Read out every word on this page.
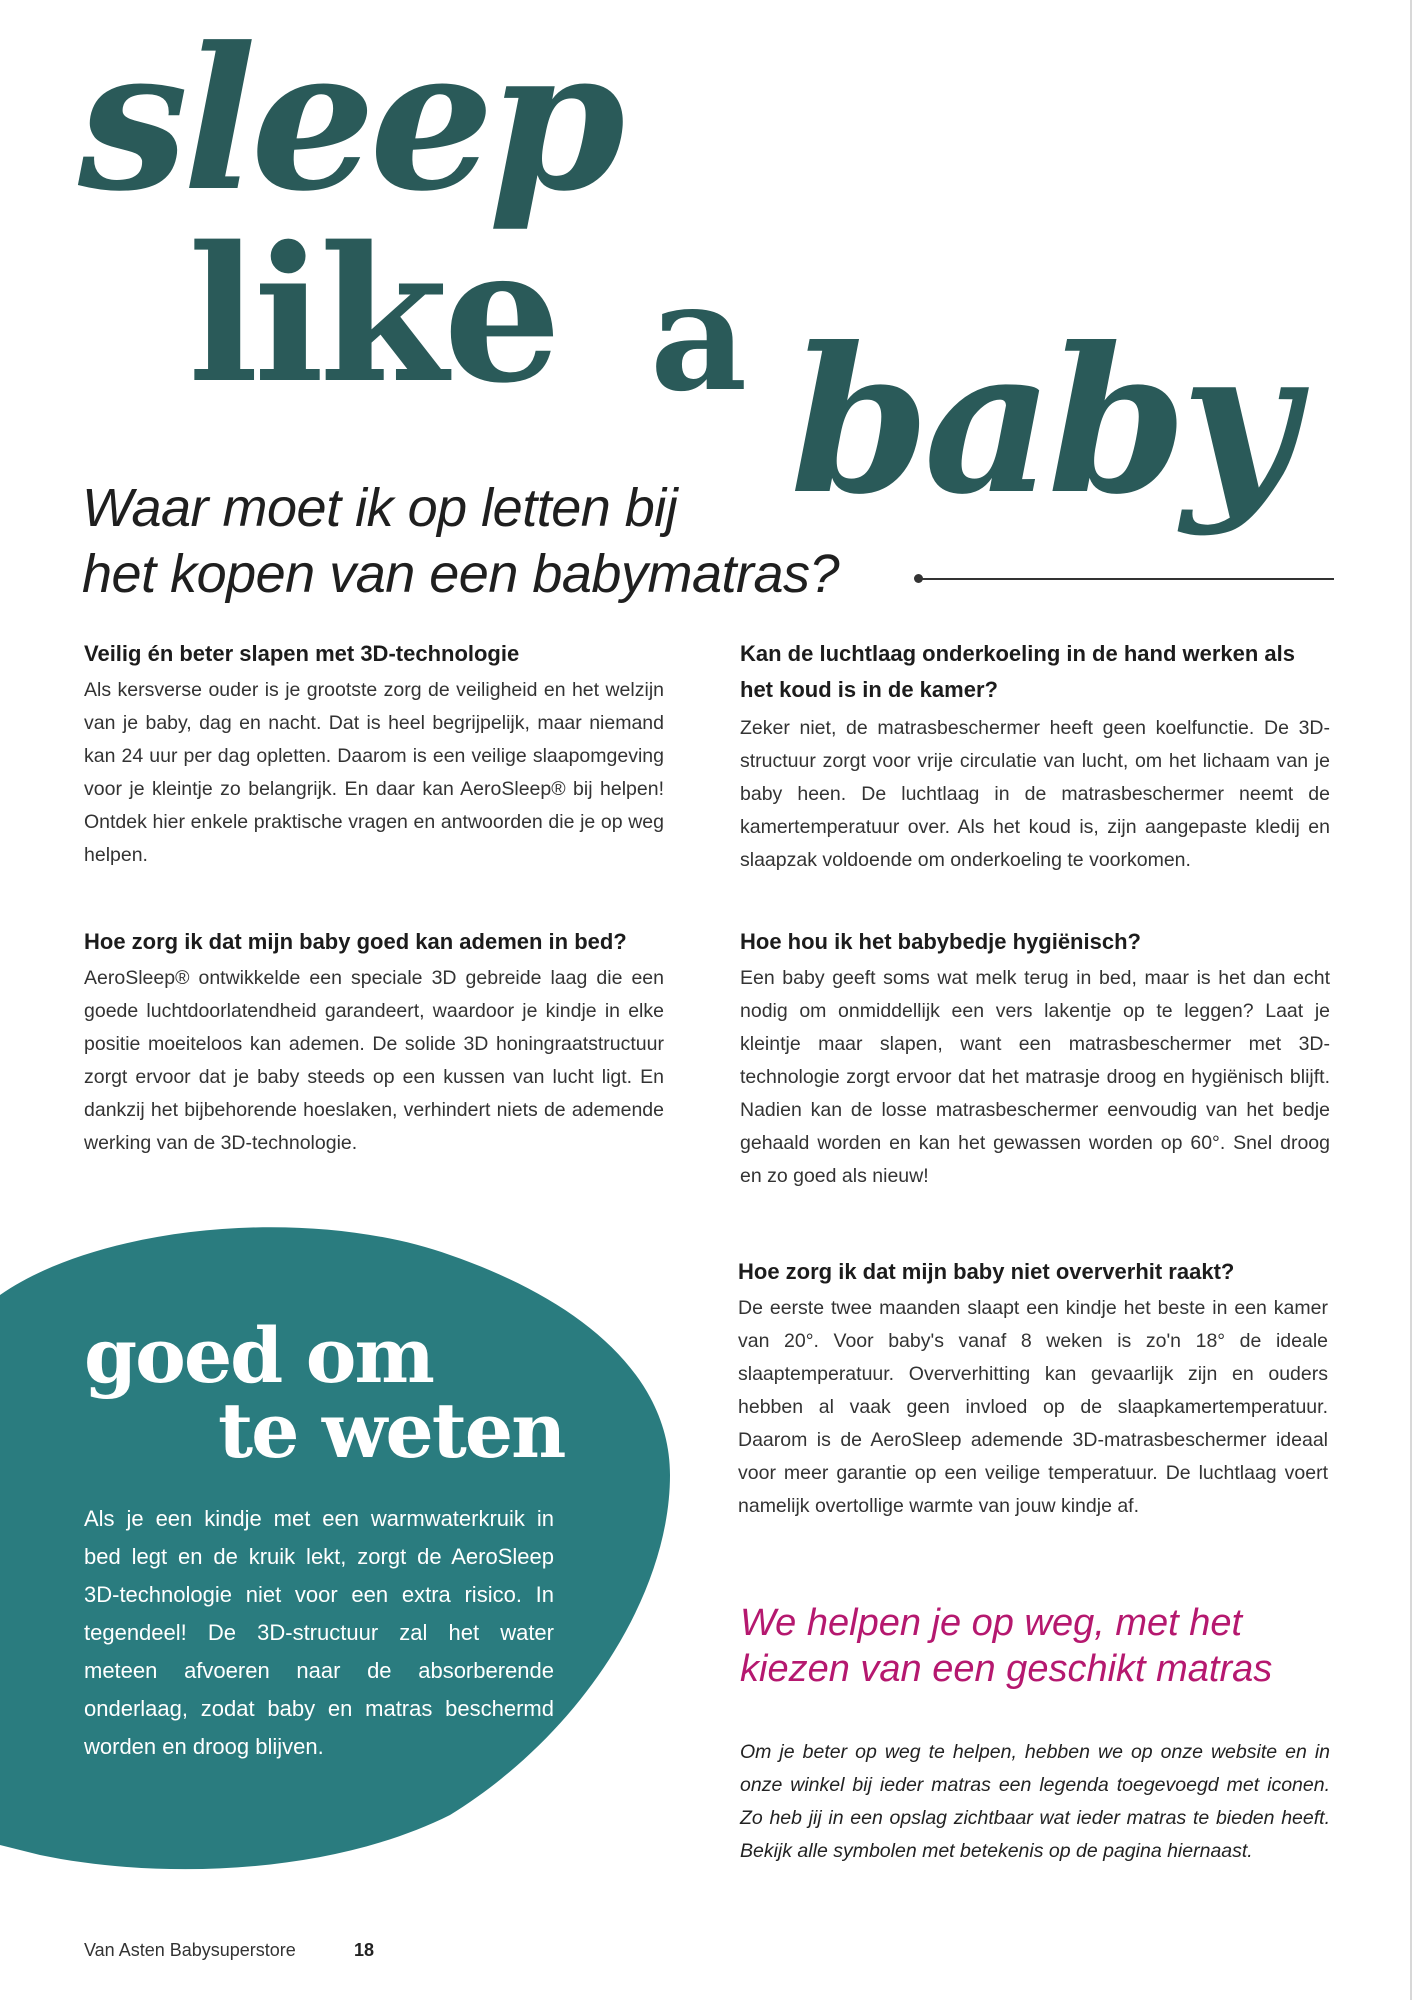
sleep
like a baby
Waar moet ik op letten bij
het kopen van een babymatras?
Veilig én beter slapen met 3D-technologie

Als kersverse ouder is je grootste zorg de veiligheid en het welzijn van je baby, dag en nacht. Dat is heel begrijpelijk, maar niemand kan 24 uur per dag opletten. Daarom is een veilige slaapomgeving voor je kleintje zo belangrijk. En daar kan AeroSleep® bij helpen! Ontdek hier enkele praktische vragen en antwoorden die je op weg helpen.

Hoe zorg ik dat mijn baby goed kan ademen in bed?

AeroSleep® ontwikkelde een speciale 3D gebreide laag die een goede luchtdoorlatendheid garandeert, waardoor je kindje in elke positie moeiteloos kan ademen. De solide 3D honingraatstructuur zorgt ervoor dat je baby steeds op een kussen van lucht ligt. En dankzij het bijbehorende hoeslaken, verhindert niets de ademende werking van de 3D-technologie.

Kan de luchtlaag onderkoeling in de hand werken als het koud is in de kamer?

Zeker niet, de matrasbeschermer heeft geen koelfunctie. De 3D-structuur zorgt voor vrije circulatie van lucht, om het lichaam van je baby heen. De luchtlaag in de matrasbeschermer neemt de kamertemperatuur over. Als het koud is, zijn aangepaste kledij en slaapzak voldoende om onderkoeling te voorkomen.

Hoe hou ik het babybedje hygiënisch?

Een baby geeft soms wat melk terug in bed, maar is het dan echt nodig om onmiddellijk een vers lakentje op te leggen? Laat je kleintje maar slapen, want een matrasbeschermer met 3D-technologie zorgt ervoor dat het matrasje droog en hygiënisch blijft. Nadien kan de losse matrasbeschermer eenvoudig van het bedje gehaald worden en kan het gewassen worden op 60°. Snel droog en zo goed als nieuw!

Hoe zorg ik dat mijn baby niet oververhit raakt?

De eerste twee maanden slaapt een kindje het beste in een kamer van 20°. Voor baby's vanaf 8 weken is zo'n 18° de ideale slaaptemperatuur. Oververhitting kan gevaarlijk zijn en ouders hebben al vaak geen invloed op de slaapkamertemperatuur. Daarom is de AeroSleep ademende 3D-matrasbeschermer ideaal voor meer garantie op een veilige temperatuur. De luchtlaag voert namelijk overtollige warmte van jouw kindje af.

goed om
te weten

Als je een kindje met een warmwaterkruik in bed legt en de kruik lekt, zorgt de AeroSleep 3D-technologie niet voor een extra risico. In tegendeel! De 3D-structuur zal het water meteen afvoeren naar de absorberende onderlaag, zodat baby en matras beschermd worden en droog blijven.

We helpen je op weg, met het kiezen van een geschikt matras

Om je beter op weg te helpen, hebben we op onze website en in onze winkel bij ieder matras een legenda toegevoegd met iconen. Zo heb jij in een opslag zichtbaar wat ieder matras te bieden heeft. Bekijk alle symbolen met betekenis op de pagina hiernaast.

Van Asten Babysuperstore	18
